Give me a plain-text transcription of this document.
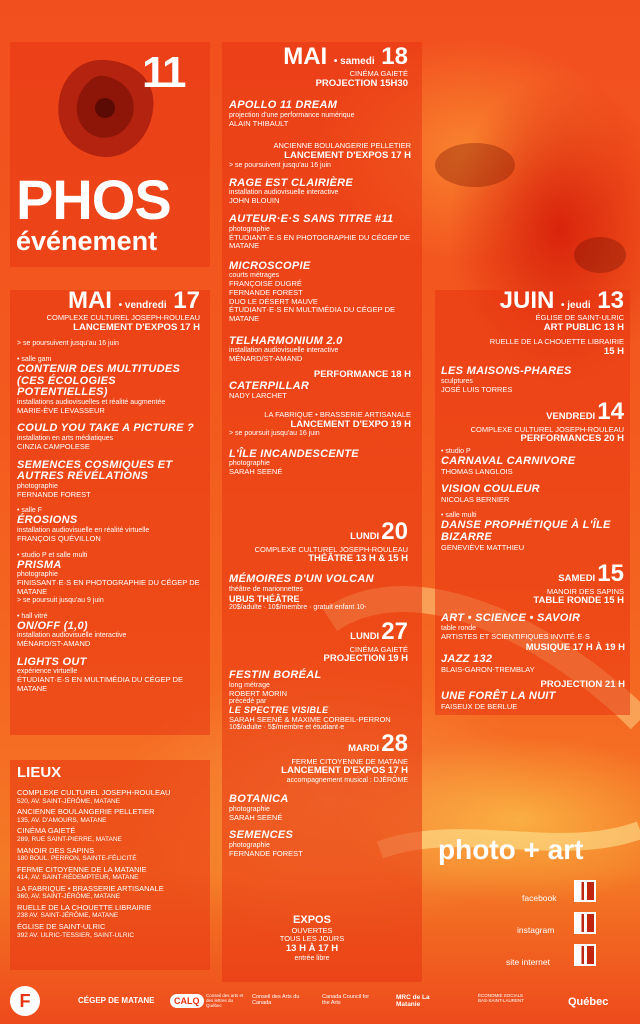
11
PHOS
événement
MAI • samedi 18
CINÉMA GAIETÉ
PROJECTION 15H30
APOLLO 11 DREAM
projection d'une performance numérique
ALAIN THIBAULT
ANCIENNE BOULANGERIE PELLETIER
LANCEMENT D'EXPOS 17 H
> se poursuivent jusqu'au 16 juin
RAGE EST CLAIRIÈRE
installation audiovisuelle interactive
JOHN BLOUIN
AUTEUR·E·S SANS TITRE #11
photographie
ÉTUDIANT·E·S EN PHOTOGRAPHIE DU CÉGEP DE MATANE
MICROSCOPIE
courts métrages
FRANÇOISE DUGRÉ
FERNANDE FOREST
DUO LE DÉSERT MAUVE
ÉTUDIANT·E·S EN MULTIMÉDIA DU CÉGEP DE MATANE
TELHARMONIUM 2.0
installation audiovisuelle interactive
MÉNARD/ST-AMAND
PERFORMANCE 18 H
CATERPILLAR
NADY LARCHET
LA FABRIQUE • BRASSERIE ARTISANALE
LANCEMENT D'EXPO 19 H
> se poursuit jusqu'au 16 juin
L'ÎLE INCANDESCENTE
photographie
SARAH SEENÉ
LUNDI 20
COMPLEXE CULTUREL JOSEPH-ROULEAU
THÉÂTRE 13 H & 15 H
MÉMOIRES D'UN VOLCAN
théâtre de marionnettes
UBUS THÉÂTRE
20$/adulte · 10$/membre · gratuit enfant 10-
LUNDI 27
CINÉMA GAIETÉ
PROJECTION 19 H
FESTIN BORÉAL
long métrage
ROBERT MORIN
précédé par
LE SPECTRE VISIBLE
SARAH SEENÉ & MAXIME CORBEIL-PERRON
10$/adulte · 5$/membre et étudiant·e
MARDI 28
FERME CITOYENNE DE MATANE
LANCEMENT D'EXPOS 17 H
accompagnement musical : DJÉRÔME
BOTANICA
photographie
SARAH SEENÉ
SEMENCES
photographie
FERNANDE FOREST
EXPOS
OUVERTES
TOUS LES JOURS
13 H À 17 H
entrée libre
MAI • vendredi 17
COMPLEXE CULTUREL JOSEPH-ROULEAU
LANCEMENT D'EXPOS 17 H
> se poursuivent jusqu'au 16 juin
• salle gam
CONTENIR DES MULTITUDES (CES ÉCOLOGIES POTENTIELLES)
installations audiovisuelles et réalité augmentée
MARIE-ÈVE LEVASSEUR
COULD YOU TAKE A PICTURE ?
installation en arts médiatiques
CINZIA CAMPOLESE
SEMENCES COSMIQUES ET AUTRES RÉVÉLATIONS
photographie
FERNANDE FOREST
• salle F
ÉROSIONS
installation audiovisuelle en réalité virtuelle
FRANÇOIS QUÉVILLON
• studio P et salle multi
PRISMA
photographie
FINISSANT·E·S EN PHOTOGRAPHIE DU CÉGEP DE MATANE
> se poursuit jusqu'au 9 juin
• hall vitré
ON/OFF (1,0)
installation audiovisuelle interactive
MÉNARD/ST-AMAND
LIGHTS OUT
expérience virtuelle
ÉTUDIANT·E·S EN MULTIMÉDIA DU CÉGEP DE MATANE
LIEUX
COMPLEXE CULTUREL JOSEPH-ROULEAU
520, AV. SAINT-JÉRÔME, MATANE
ANCIENNE BOULANGERIE PELLETIER
135, AV. D'AMOURS, MATANE
CINÉMA GAIETÉ
289, RUE SAINT-PIERRE, MATANE
MANOIR DES SAPINS
180 BOUL. PERRON, SAINTE-FÉLICITÉ
FERME CITOYENNE DE LA MATANIE
414, AV. SAINT-RÉDEMPTEUR, MATANE
LA FABRIQUE • BRASSERIE ARTISANALE
360, AV. SAINT-JÉRÔME, MATANE
RUELLE DE LA CHOUETTE LIBRAIRIE
238 AV. SAINT-JÉRÔME, MATANE
ÉGLISE DE SAINT-ULRIC
392 AV. ULRIC-TESSIER, SAINT-ULRIC
JUIN • jeudi 13
ÉGLISE DE SAINT-ULRIC
ART PUBLIC 13 H
RUELLE DE LA CHOUETTE LIBRAIRIE
15 H
LES MAISONS-PHARES
sculptures
JOSÉ LUIS TORRES
VENDREDI 14
COMPLEXE CULTUREL JOSEPH-ROULEAU
PERFORMANCES 20 H
• studio P
CARNAVAL CARNIVORE
THOMAS LANGLOIS
VISION COULEUR
NICOLAS BERNIER
• salle multi
DANSE PROPHÉTIQUE À L'ÎLE BIZARRE
GENEVIÈVE MATTHIEU
SAMEDI 15
MANOIR DES SAPINS
TABLE RONDE 15 H
ART • SCIENCE • SAVOIR
table ronde
ARTISTES ET SCIENTIFIQUES INVITÉ·E·S
MUSIQUE 17 H À 19 H
JAZZ 132
BLAIS-GARON-TREMBLAY
PROJECTION 21 H
UNE FORÊT LA NUIT
FAISEUX DE BERLUE
photo + art
facebook
instagram
site internet
F	CÉGEP DE MATANE	CALQ
Conseil des arts et des lettres du Québec
Conseil des Arts du Canada
Canada Council for the Arts
MRC de La Matanie
ÉCONOMIE SOCIALE BAS-SAINT-LAURENT	Québec
